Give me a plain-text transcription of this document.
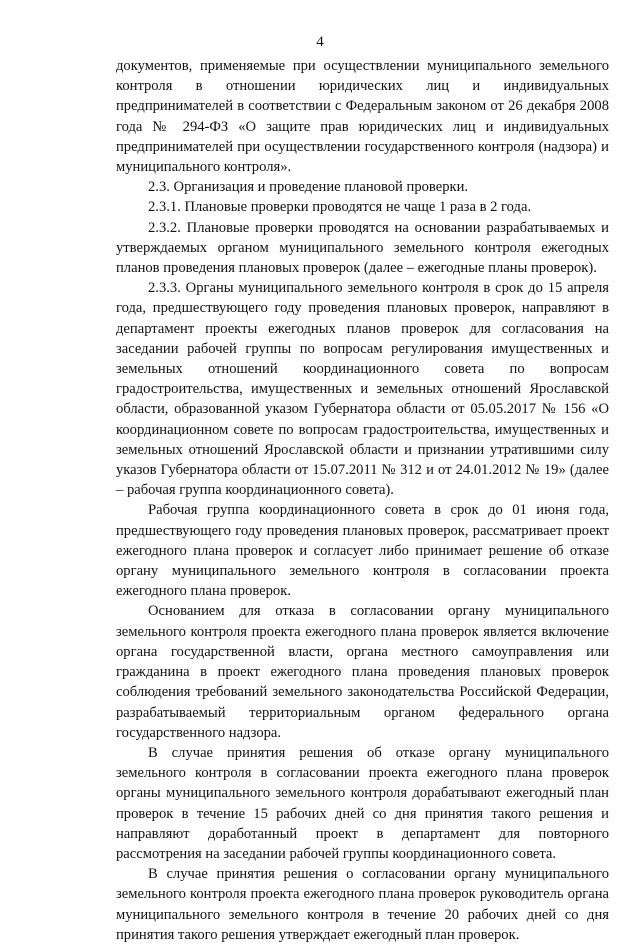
4

документов, применяемые при осуществлении муниципального земельного контроля в отношении юридических лиц и индивидуальных предпринимателей в соответствии с Федеральным законом от 26 декабря 2008 года № 294-ФЗ «О защите прав юридических лиц и индивидуальных предпринимателей при осуществлении государственного контроля (надзора) и муниципального контроля».

2.3. Организация и проведение плановой проверки.

2.3.1. Плановые проверки проводятся не чаще 1 раза в 2 года.

2.3.2. Плановые проверки проводятся на основании разрабатываемых и утверждаемых органом муниципального земельного контроля ежегодных планов проведения плановых проверок (далее – ежегодные планы проверок).

2.3.3. Органы муниципального земельного контроля в срок до 15 апреля года, предшествующего году проведения плановых проверок, направляют в департамент проекты ежегодных планов проверок для согласования на заседании рабочей группы по вопросам регулирования имущественных и земельных отношений координационного совета по вопросам градостроительства, имущественных и земельных отношений Ярославской области, образованной указом Губернатора области от 05.05.2017 № 156 «О координационном совете по вопросам градостроительства, имущественных и земельных отношений Ярославской области и признании утратившими силу указов Губернатора области от 15.07.2011 № 312 и от 24.01.2012 № 19» (далее – рабочая группа координационного совета).

Рабочая группа координационного совета в срок до 01 июня года, предшествующего году проведения плановых проверок, рассматривает проект ежегодного плана проверок и согласует либо принимает решение об отказе органу муниципального земельного контроля в согласовании проекта ежегодного плана проверок.

Основанием для отказа в согласовании органу муниципального земельного контроля проекта ежегодного плана проверок является включение органа государственной власти, органа местного самоуправления или гражданина в проект ежегодного плана проведения плановых проверок соблюдения требований земельного законодательства Российской Федерации, разрабатываемый территориальным органом федерального органа государственного надзора.

В случае принятия решения об отказе органу муниципального земельного контроля в согласовании проекта ежегодного плана проверок органы муниципального земельного контроля дорабатывают ежегодный план проверок в течение 15 рабочих дней со дня принятия такого решения и направляют доработанный проект в департамент для повторного рассмотрения на заседании рабочей группы координационного совета.

В случае принятия решения о согласовании органу муниципального земельного контроля проекта ежегодного плана проверок руководитель органа муниципального земельного контроля в течение 20 рабочих дней со дня принятия такого решения утверждает ежегодный план проверок.
